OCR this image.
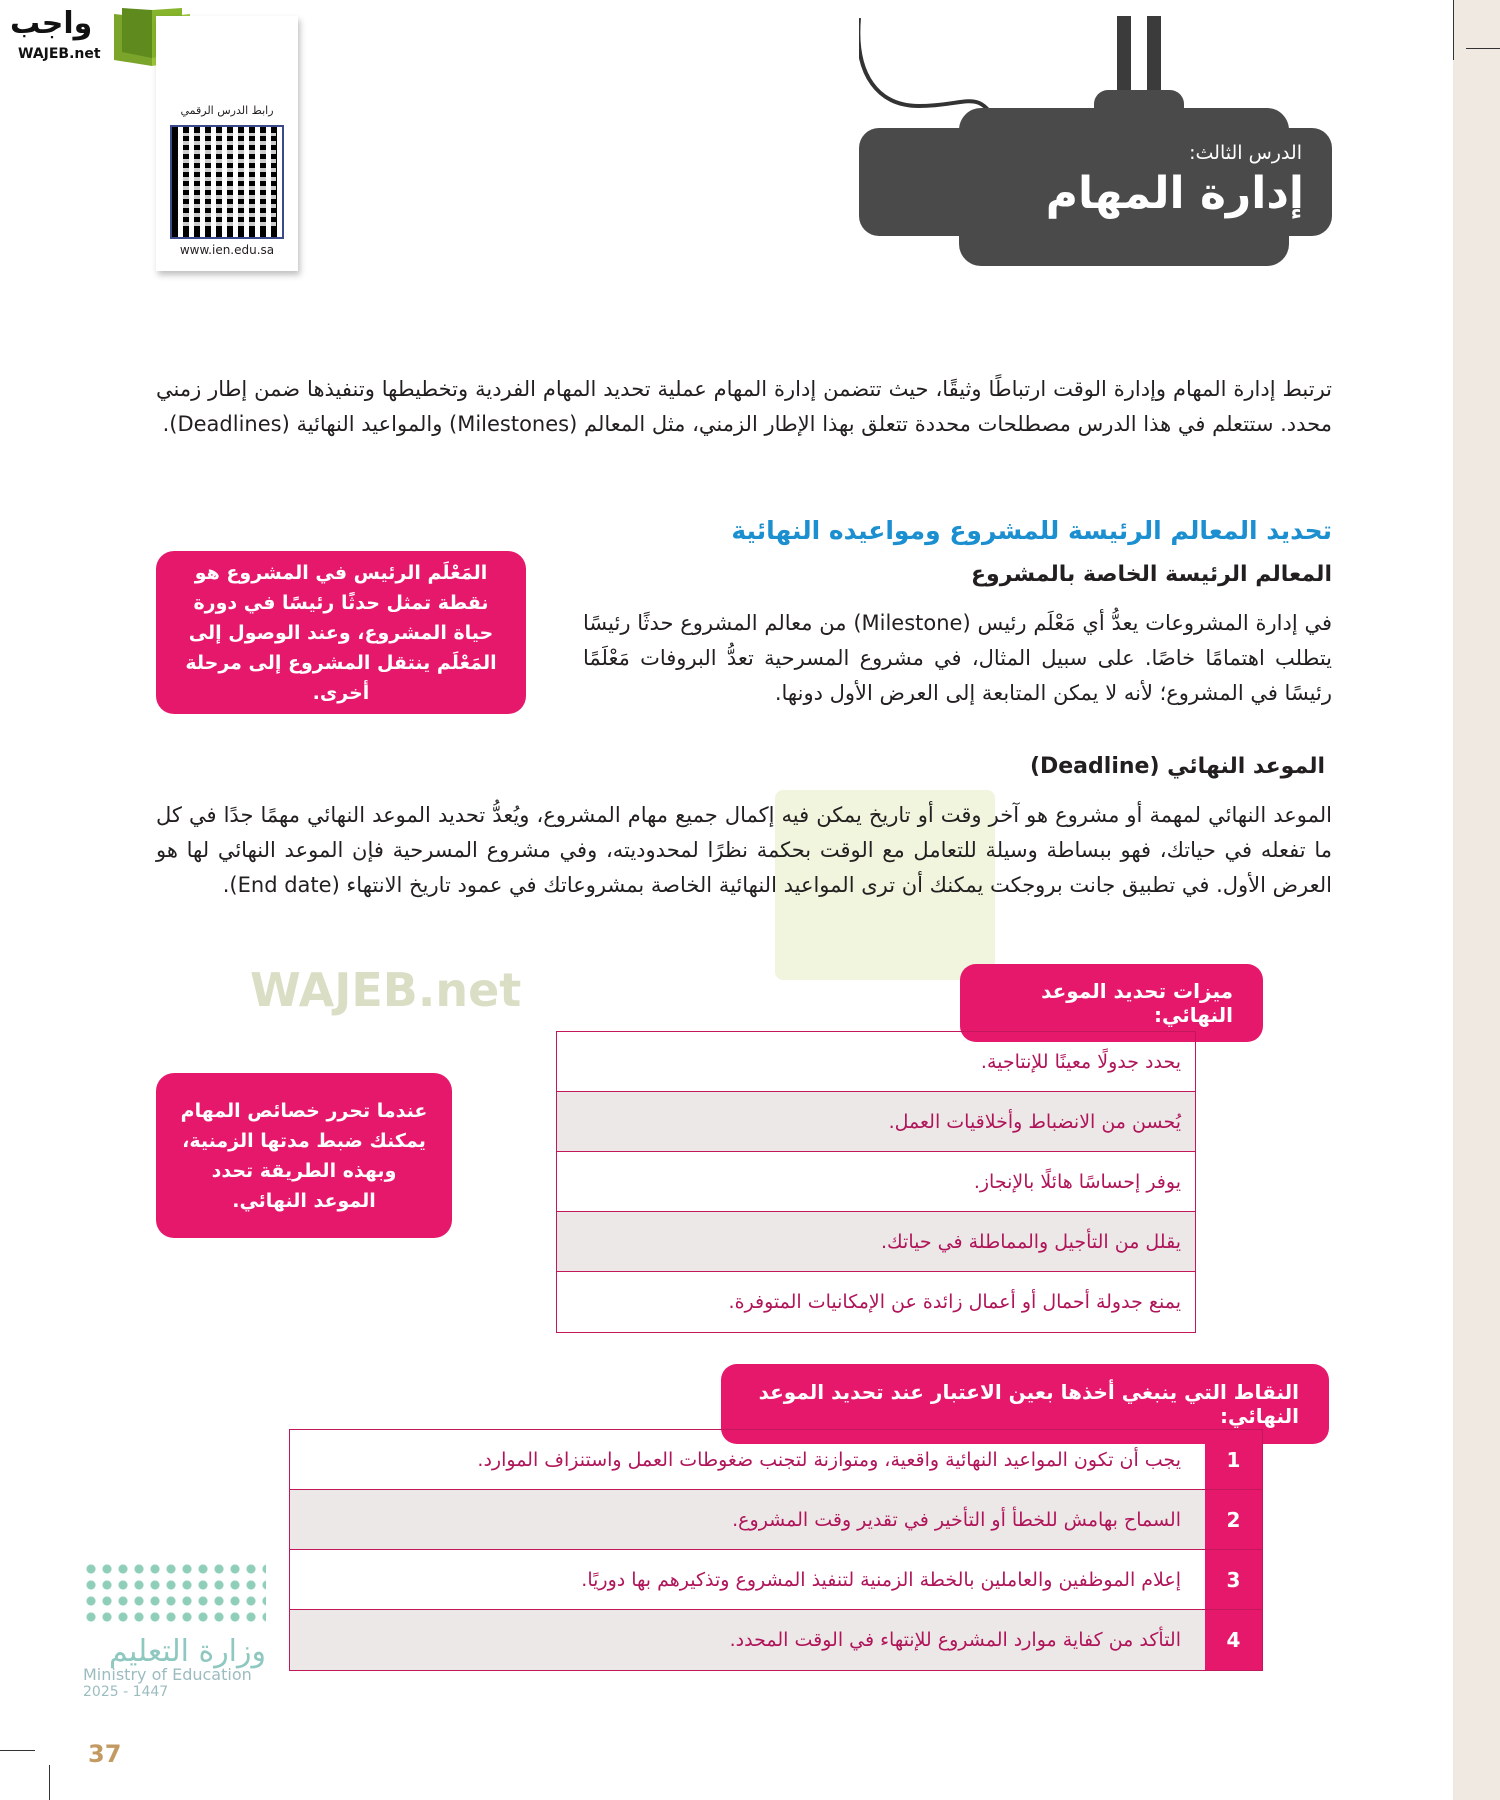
واجب
WAJEB.net
رابط الدرس الرقمي
www.ien.edu.sa
الدرس الثالث:
إدارة المهام

ترتبط إدارة المهام وإدارة الوقت ارتباطًا وثيقًا، حيث تتضمن إدارة المهام عملية تحديد المهام الفردية وتخطيطها وتنفيذها ضمن إطار زمني محدد. ستتعلم في هذا الدرس مصطلحات محددة تتعلق بهذا الإطار الزمني، مثل المعالم (Milestones) والمواعيد النهائية (Deadlines).

تحديد المعالم الرئيسة للمشروع ومواعيده النهائية
المعالم الرئيسة الخاصة بالمشروع

في إدارة المشروعات يعدُّ أي مَعْلَم رئيس (Milestone) من معالم المشروع حدثًا رئيسًا يتطلب اهتمامًا خاصًا. على سبيل المثال، في مشروع المسرحية تعدُّ البروفات مَعْلَمًا رئيسًا في المشروع؛ لأنه لا يمكن المتابعة إلى العرض الأول دونها.

المَعْلَم الرئيس في المشروع هو نقطة تمثل حدثًا رئيسًا في دورة حياة المشروع، وعند الوصول إلى المَعْلَم ينتقل المشروع إلى مرحلة أخرى.
الموعد النهائي (Deadline)

الموعد النهائي لمهمة أو مشروع هو آخر وقت أو تاريخ يمكن فيه إكمال جميع مهام المشروع، ويُعدُّ تحديد الموعد النهائي مهمًا جدًا في كل ما تفعله في حياتك، فهو ببساطة وسيلة للتعامل مع الوقت بحكمة نظرًا لمحدوديته، وفي مشروع المسرحية فإن الموعد النهائي لها هو العرض الأول. في تطبيق جانت بروجكت يمكنك أن ترى المواعيد النهائية الخاصة بمشروعاتك في عمود تاريخ الانتهاء (End date).

WAJEB.net	ميزات تحديد الموعد النهائي:
يحدد جدولًا معينًا للإنتاجية.
يُحسن من الانضباط وأخلاقيات العمل.
يوفر إحساسًا هائلًا بالإنجاز.
يقلل من التأجيل والمماطلة في حياتك.
يمنع جدولة أحمال أو أعمال زائدة عن الإمكانيات المتوفرة.
عندما تحرر خصائص المهام يمكنك ضبط مدتها الزمنية، وبهذه الطريقة تحدد الموعد النهائي.
النقاط التي ينبغي أخذها بعين الاعتبار عند تحديد الموعد النهائي:
1
يجب أن تكون المواعيد النهائية واقعية، ومتوازنة لتجنب ضغوطات العمل واستنزاف الموارد.
2
السماح بهامش للخطأ أو التأخير في تقدير وقت المشروع.
3
إعلام الموظفين والعاملين بالخطة الزمنية لتنفيذ المشروع وتذكيرهم بها دوريًا.
4
التأكد من كفاية موارد المشروع للإنتهاء في الوقت المحدد.
وزارة التعليم
Ministry of Education
2025 - 1447
37
